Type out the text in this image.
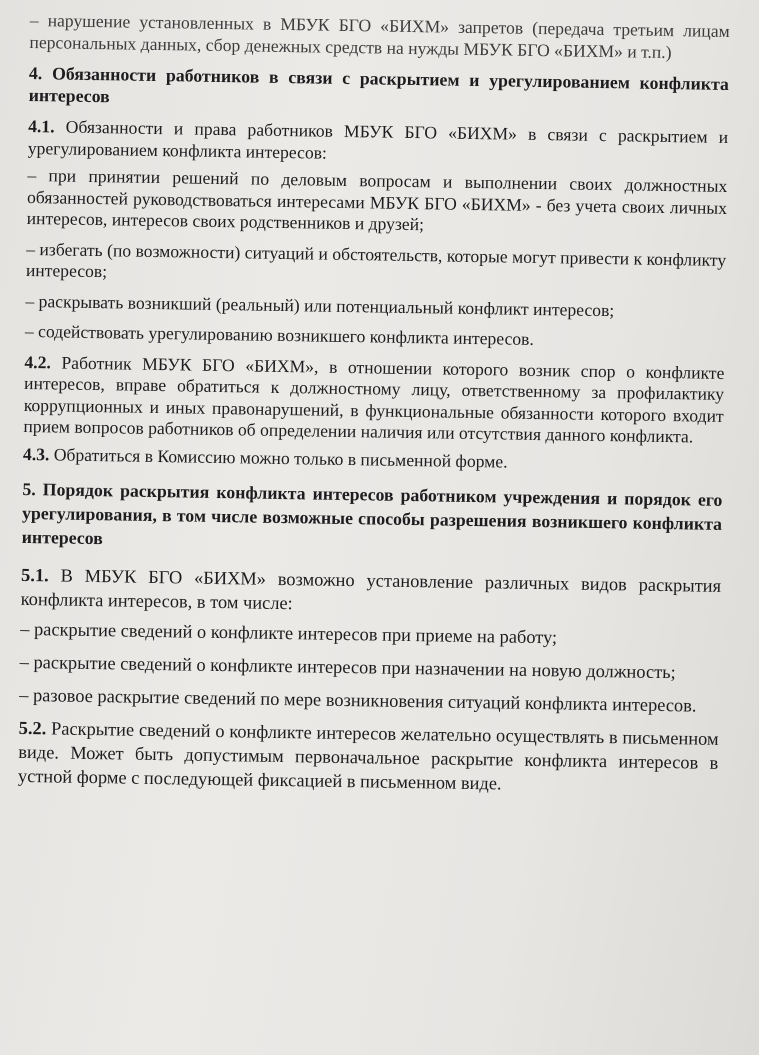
– нарушение установленных в МБУК БГО «БИХМ» запретов (передача третьим лицам персональных данных, сбор денежных средств на нужды МБУК БГО «БИХМ» и т.п.)

4. Обязанности работников в связи с раскрытием и урегулированием конфликта интересов

4.1. Обязанности и права работников МБУК БГО «БИХМ» в связи с раскрытием и урегулированием конфликта интересов:

– при принятии решений по деловым вопросам и выполнении своих должностных обязанностей руководствоваться интересами МБУК БГО «БИХМ» - без учета своих личных интересов, интересов своих родственников и друзей;

– избегать (по возможности) ситуаций и обстоятельств, которые могут привести к конфликту интересов;

– раскрывать возникший (реальный) или потенциальный конфликт интересов;

– содействовать урегулированию возникшего конфликта интересов.

4.2. Работник МБУК БГО «БИХМ», в отношении которого возник спор о конфликте интересов, вправе обратиться к должностному лицу, ответственному за профилактику коррупционных и иных правонарушений, в функциональные обязанности которого входит прием вопросов работников об определении наличия или отсутствия данного конфликта.

4.3. Обратиться в Комиссию можно только в письменной форме.

5. Порядок раскрытия конфликта интересов работником учреждения и порядок его урегулирования, в том числе возможные способы разрешения возникшего конфликта интересов

5.1. В МБУК БГО «БИХМ» возможно установление различных видов раскрытия конфликта интересов, в том числе:

– раскрытие сведений о конфликте интересов при приеме на работу;

– раскрытие сведений о конфликте интересов при назначении на новую должность;

– разовое раскрытие сведений по мере возникновения ситуаций конфликта интересов.

5.2. Раскрытие сведений о конфликте интересов желательно осуществлять в письменном виде. Может быть допустимым первоначальное раскрытие конфликта интересов в устной форме с последующей фиксацией в письменном виде.
